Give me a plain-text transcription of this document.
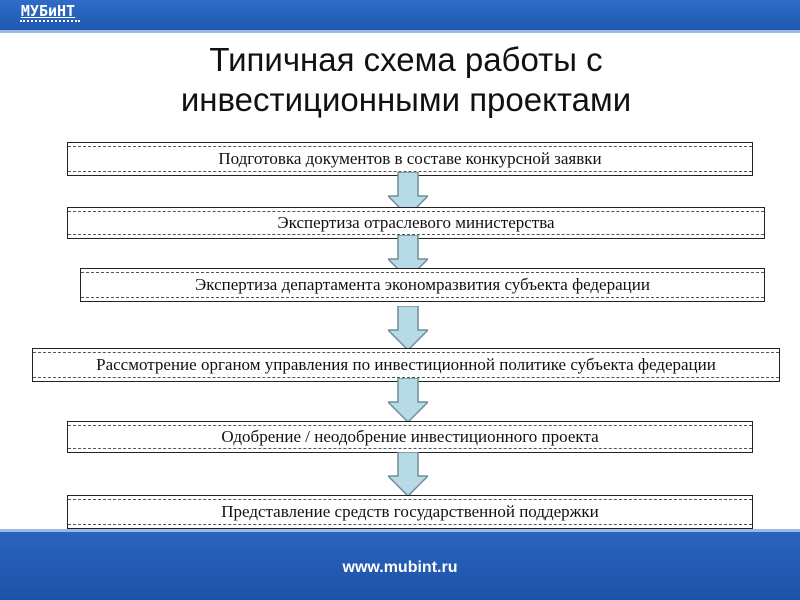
МУБиНТ
Типичная схема работы с
инвестиционными проектами
Подготовка документов в составе конкурсной заявки
Экспертиза отраслевого министерства
Экспертиза департамента экономразвития субъекта федерации
Рассмотрение органом управления по инвестиционной политике субъекта федерации
Одобрение / неодобрение инвестиционного проекта
Представление средств государственной поддержки
www.mubint.ru
